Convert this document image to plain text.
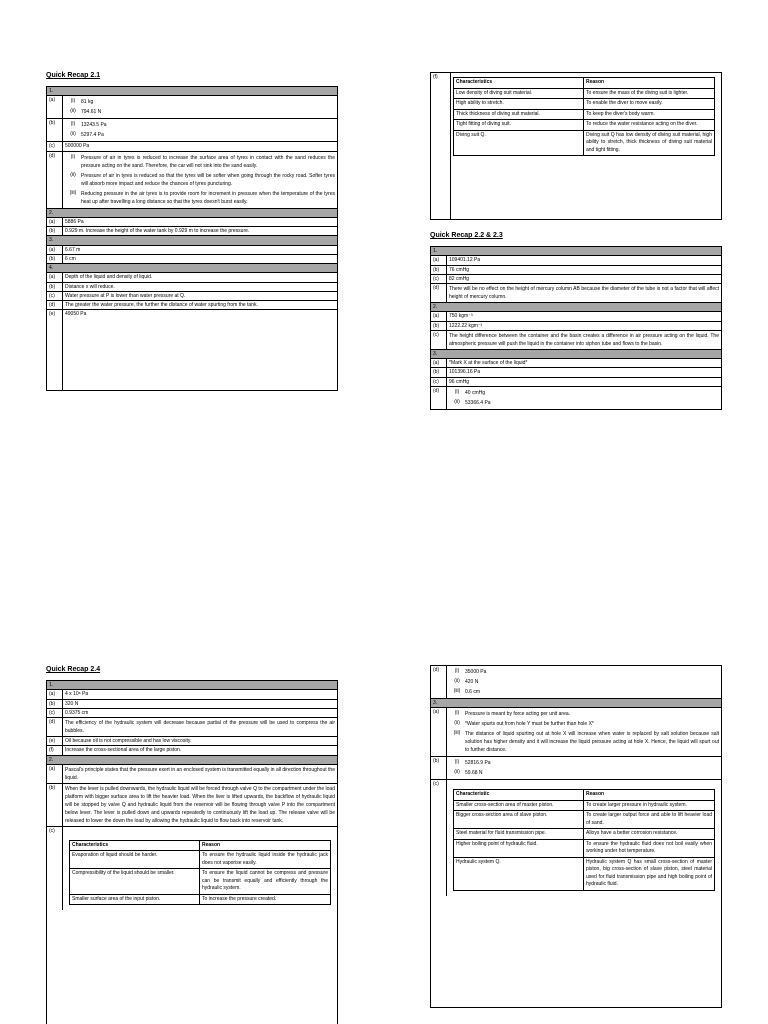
Quick Recap 2.1
1.
(a)	(i)	81 kg
(ii)	794.61 N
(b)	(i)	13243.5 Pa
(ii)	5297.4 Pa
(c)	500000 Pa
(d)	(i)	Pressure of air in tyres is reduced to increase the surface area of tyres in contact with the sand reduces the pressure acting on the sand. Therefore, the car will not sink into the sand easily.
(ii)	Pressure of air in tyres is reduced so that the tyres will be softer when going through the rocky road. Softer tyres will absorb more impact and reduce the chances of tyres puncturing.
(iii) Reducing pressure in the air tyres is to provide room for increment in pressure when the temperature of the tyres heat up after travelling a long distance so that the tyres doesn't burst easily.
2.
(a)	5886 Pa
(b)	0.929 m. Increase the height of the water tank by 0.929 m to increase the pressure.
3.
(a)	6.67 m
(b)	6 cm
4.
(a)	Depth of the liquid and density of liquid.
(b)	Distance x will reduce.
(c)	Water pressure at P is lower than water pressure at Q.
(d)	The greater the water pressure, the further the distance of water spurting from the tank.
(e)	49050 Pa
(f)
Characteristics	Reason
Low density of diving suit material.	To ensure the mass of the diving suit is lighter.
High ability to stretch.	To enable the diver to move easily.
Thick thickness of diving suit material.	To keep the diver's body warm.
Tight fitting of diving suit.	To reduce the water resistance acting on the diver.
Diving suit Q.	Diving suit Q has low density of diving suit material, high ability to stretch, thick thickness of diving suit material and tight fitting.
Quick Recap 2.2 & 2.3
1.
(a)	109401.12 Pa
(b)	76 cmHg
(c)	82 cmHg
(d)	There will be no effect on the height of mercury column AB because the diameter of the tube is not a factor that will affect height of mercury column.
2.
(a)	750 kgm⁻³
(b)	1222.22 kgm⁻³
(c)	The height difference between the container and the basin creates a difference in air pressure acting on the liquid. The atmospheric pressure will push the liquid in the container into siphon tube and flows to the basin.
3.
(a)	*Mark X at the surface of the liquid*
(b)	101396.16 Pa
(c)	96 cmHg
(d)	(i)	40 cmHg
(ii)	53366.4 Pa
Quick Recap 2.4
1.
(a)	4 x 10⁶ Pa
(b)	320 N
(c)	0.9375 cm
(d)	The efficiency of the hydraulic system will decrease because partial of the pressure will be used to compress the air bubbles.
(e)	Oil because oil is not compressible and has low viscosity.
(f)	Increase the cross-sectional area of the large piston.
2.
(a)	Pascal's principle states that the pressure exert in an enclosed system is transmitted equally in all direction throughout the liquid.
(b)	When the lever is pulled downwards, the hydraulic liquid will be forced through valve Q to the compartment under the load platform with bigger surface area to lift the heavier load. When the liver is lifted upwards, the backflow of hydraulic liquid will be stopped by valve Q and hydraulic liquid from the reservoir will be flowing through valve P into the compartment below lever. The lever is pulled down and upwards repeatedly to continuously lift the load up. The release valve will be released to lower the down the load by allowing the hydraulic liquid to flow back into reservoir tank.
(c)
Characteristics	Reason
Evaporation of liquid should be harder.	To ensure the hydraulic liquid inside the hydraulic jack does not vaporise easily.
Compressibility of the liquid should be smaller.	To ensure the liquid cannot be compress and pressure can be transmit equally and efficiently through the hydraulic system.
Smaller surface area of the input piston.	To increase the pressure created.
(d)	(i)	35000 Pa
(ii)	420 N
(iii) 0.6 cm
3.
(a)	(i)	Pressure is meant by force acting per unit area.
(ii)	*Water spurts out from hole Y must be further than hole X*
(iii) The distance of liquid spurting out at hole X will increase when water is replaced by salt solution because salt solution has higher density and it will increase the liquid pressure acting at hole X. Hence, the liquid will spurt out to further distance.
(b)	(i)	52816.9 Pa
(ii)	59.68 N
(c)
Characteristic	Reason
Smaller cross-section area of master piston.	To create larger pressure in hydraulic system.
Bigger cross-section area of slave piston.	To create larger output force and able to lift heavier load of sand.
Steel material for fluid transmission pipe.	Alloys have a better corrosion resistance.
Higher boiling point of hydraulic fluid.	To ensure the hydraulic fluid does not boil easily when working under hot temperature.
Hydraulic system Q.	Hydraulic system Q has small cross-section of master piston, big cross-section of slave piston, steel material used for fluid transmission pipe and high boiling point of hydraulic fluid.
